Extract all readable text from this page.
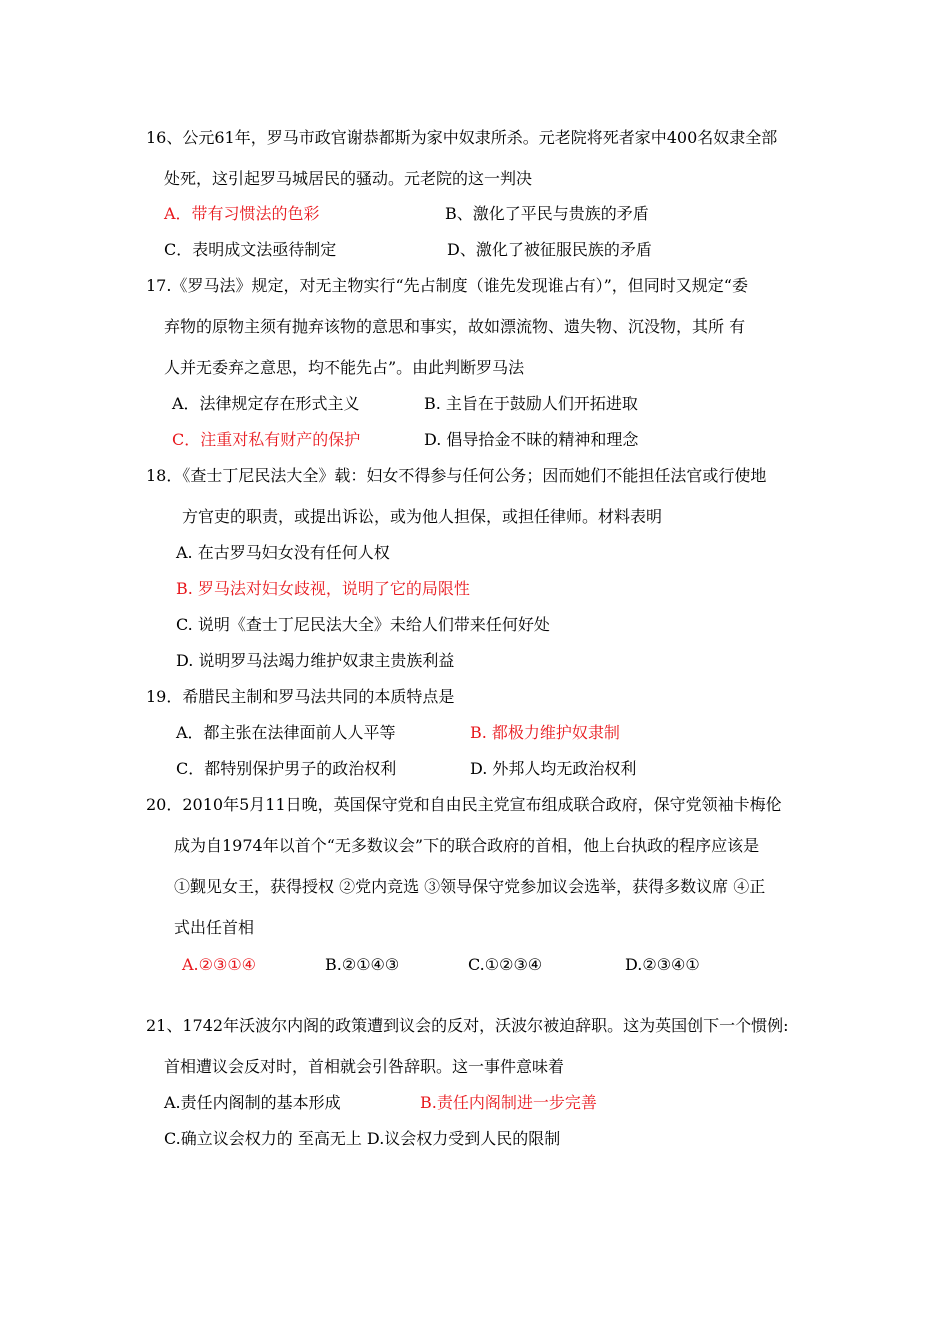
16、公元61年，罗马市政官谢恭都斯为家中奴隶所杀。元老院将死者家中400名奴隶全部
处死，这引起罗马城居民的骚动。元老院的这一判决
A．带有习惯法的色彩	B、激化了平民与贵族的矛盾
C．表明成文法亟待制定	D、激化了被征服民族的矛盾
17.《罗马法》规定，对无主物实行“先占制度（谁先发现谁占有）”，但同时又规定“委
弃物的原物主须有抛弃该物的意思和事实，故如漂流物、遗失物、沉没物，其所 有
人并无委弃之意思，均不能先占”。由此判断罗马法
A．法律规定存在形式主义	B. 主旨在于鼓励人们开拓进取
C．注重对私有财产的保护	D. 倡导拾金不昧的精神和理念
18．《查士丁尼民法大全》载：妇女不得参与任何公务；因而她们不能担任法官或行使地
方官吏的职责，或提出诉讼，或为他人担保，或担任律师。材料表明
A. 在古罗马妇女没有任何人权
B. 罗马法对妇女歧视，说明了它的局限性
C. 说明《查士丁尼民法大全》未给人们带来任何好处
D. 说明罗马法竭力维护奴隶主贵族利益
19．希腊民主制和罗马法共同的本质特点是
A．都主张在法律面前人人平等	B. 都极力维护奴隶制
C．都特别保护男子的政治权利	D. 外邦人均无政治权利
20．2010年5月11日晚，英国保守党和自由民主党宣布组成联合政府，保守党领袖卡梅伦
成为自1974年以首个“无多数议会”下的联合政府的首相，他上台执政的程序应该是
①觐见女王，获得授权 ②党内竞选 ③领导保守党参加议会选举，获得多数议席 ④正
式出任首相
A.②③①④	B.②①④③	C.①②③④	D.②③④①
21、1742年沃波尔内阁的政策遭到议会的反对，沃波尔被迫辞职。这为英国创下一个惯例:
首相遭议会反对时，首相就会引咎辞职。这一事件意味着
A.责任内阁制的基本形成	B.责任内阁制进一步完善
C.确立议会权力的 至高无上 D.议会权力受到人民的限制
